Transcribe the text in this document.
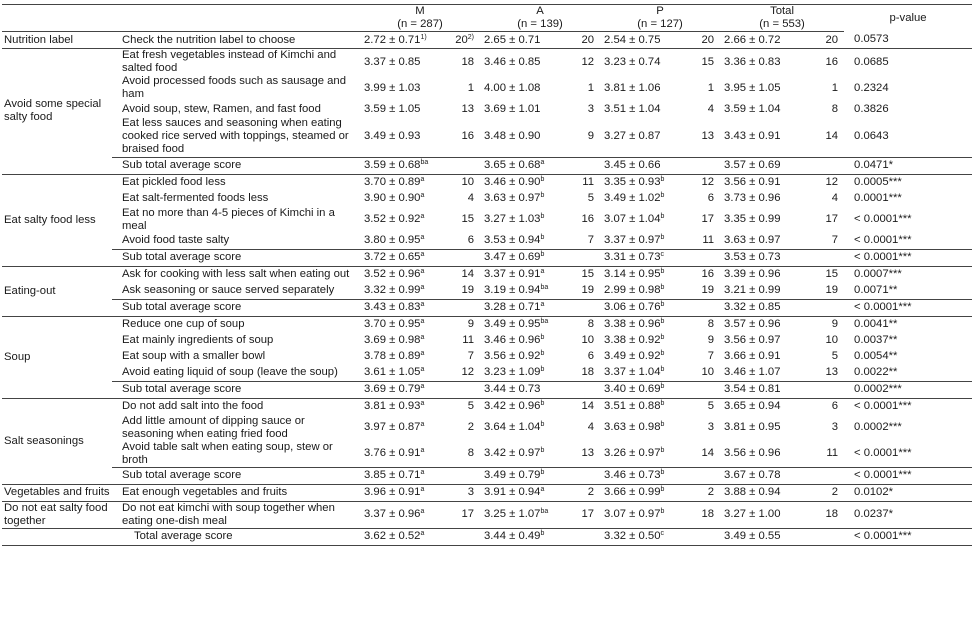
		M		A		P		Total		p-value
		(n = 287)		(n = 139)		(n = 127)		(n = 553)		
Nutrition label	Check the nutrition label to choose	$2.72 \pm 0.71^{1)}$	20$^{2)}$	2.65 ± 0.71	20	2.54 ± 0.75	20	2.66 ± 0.72	20	0.0573
Avoid some special salty food	Eat fresh vegetables instead of Kimchi and salted food	3.37 ± 0.85	18	3.46 ± 0.85	12	3.23 ± 0.74	15	3.36 ± 0.83	16	0.0685
	Avoid processed foods such as sausage and ham	3.99 ± 1.03	1	4.00 ± 1.08	1	3.81 ± 1.06	1	3.95 ± 1.05	1	0.2324
	Avoid soup, stew, Ramen, and fast food	3.59 ± 1.05	13	3.69 ± 1.01	3	3.51 ± 1.04	4	3.59 ± 1.04	8	0.3826
	Eat less sauces and seasoning when eating cooked rice served with toppings, steamed or braised food	3.49 ± 0.93	16	3.48 ± 0.90	9	3.27 ± 0.87	13	3.43 ± 0.91	14	0.0643
	Sub total average score	3.59 ± 0.68$^{ba}$		3.65 ± 0.68$^a$		3.45 ± 0.66		3.57 ± 0.69		0.0471*
Eat salty food less	Eat pickled food less	3.70 ± 0.89$^a$	10	3.46 ± 0.90$^b$	11	3.35 ± 0.93$^b$	12	3.56 ± 0.91	12	0.0005***
	Eat salt-fermented foods less	3.90 ± 0.90$^a$	4	3.63 ± 0.97$^b$	5	3.49 ± 1.02$^b$	6	3.73 ± 0.96	4	0.0001***
	Eat no more than 4-5 pieces of Kimchi in a meal	3.52 ± 0.92$^a$	15	3.27 ± 1.03$^b$	16	3.07 ± 1.04$^b$	17	3.35 ± 0.99	17	< 0.0001***
	Avoid food taste salty	3.80 ± 0.95$^a$	6	3.53 ± 0.94$^b$	7	3.37 ± 0.97$^b$	11	3.63 ± 0.97	7	< 0.0001***
	Sub total average score	3.72 ± 0.65$^a$		3.47 ± 0.69$^b$		3.31 ± 0.73$^c$		3.53 ± 0.73		< 0.0001***
Eating-out	Ask for cooking with less salt when eating out	3.52 ± 0.96$^a$	14	3.37 ± 0.91$^a$	15	3.14 ± 0.95$^b$	16	3.39 ± 0.96	15	0.0007***
	Ask seasoning or sauce served separately	3.32 ± 0.99$^a$	19	3.19 ± 0.94$^{ba}$	19	2.99 ± 0.98$^b$	19	3.21 ± 0.99	19	0.0071**
	Sub total average score	3.43 ± 0.83$^a$		3.28 ± 0.71$^a$		3.06 ± 0.76$^b$		3.32 ± 0.85		< 0.0001***
Soup	Reduce one cup of soup	3.70 ± 0.95$^a$	9	3.49 ± 0.95$^{ba}$	8	3.38 ± 0.96$^b$	8	3.57 ± 0.96	9	0.0041**
	Eat mainly ingredients of soup	3.69 ± 0.98$^a$	11	3.46 ± 0.96$^b$	10	3.38 ± 0.92$^b$	9	3.56 ± 0.97	10	0.0037**
	Eat soup with a smaller bowl	3.78 ± 0.89$^a$	7	3.56 ± 0.92$^b$	6	3.49 ± 0.92$^b$	7	3.66 ± 0.91	5	0.0054**
	Avoid eating liquid of soup (leave the soup)	3.61 ± 1.05$^a$	12	3.23 ± 1.09$^b$	18	3.37 ± 1.04$^b$	10	3.46 ± 1.07	13	0.0022**
	Sub total average score	3.69 ± 0.79$^a$		3.44 ± 0.73		3.40 ± 0.69$^b$		3.54 ± 0.81		0.0002***
Salt seasonings	Do not add salt into the food	3.81 ± 0.93$^a$	5	3.42 ± 0.96$^b$	14	3.51 ± 0.88$^b$	5	3.65 ± 0.94	6	< 0.0001***
	Add little amount of dipping sauce or seasoning when eating fried food	3.97 ± 0.87$^a$	2	3.64 ± 1.04$^b$	4	3.63 ± 0.98$^b$	3	3.81 ± 0.95	3	0.0002***
	Avoid table salt when eating soup, stew or broth	3.76 ± 0.91$^a$	8	3.42 ± 0.97$^b$	13	3.26 ± 0.97$^b$	14	3.56 ± 0.96	11	< 0.0001***
	Sub total average score	3.85 ± 0.71$^a$		3.49 ± 0.79$^b$		3.46 ± 0.73$^b$		3.67 ± 0.78		< 0.0001***
Vegetables and fruits	Eat enough vegetables and fruits	3.96 ± 0.91$^a$	3	3.91 ± 0.94$^a$	2	3.66 ± 0.99$^b$	2	3.88 ± 0.94	2	0.0102*
Do not eat salty food together	Do not eat kimchi with soup together when eating one-dish meal	3.37 ± 0.96$^a$	17	3.25 ± 1.07$^{ba}$	17	3.07 ± 0.97$^b$	18	3.27 ± 1.00	18	0.0237*
	Total average score	3.62 ± 0.52$^a$		3.44 ± 0.49$^b$		3.32 ± 0.50$^c$		3.49 ± 0.55		< 0.0001***
